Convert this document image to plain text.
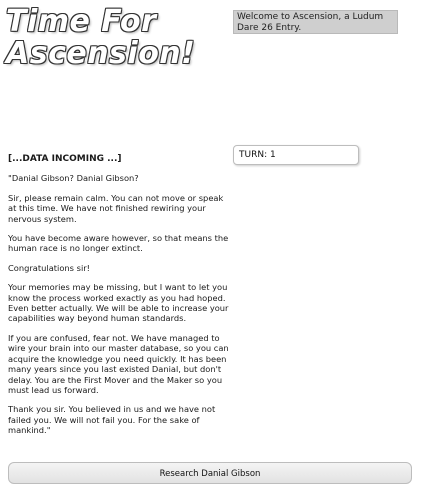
Time For
Ascension!
Welcome to Ascension, a Ludum Dare 26 Entry.
TURN: 1
[...DATA INCOMING ...]

"Danial Gibson? Danial Gibson?

Sir, please remain calm. You can not move or speak at this time. We have not finished rewiring your nervous system.

You have become aware however, so that means the human race is no longer extinct.

Congratulations sir!

Your memories may be missing, but I want to let you know the process worked exactly as you had hoped. Even better actually. We will be able to increase your capabilities way beyond human standards.

If you are confused, fear not. We have managed to wire your brain into our master database, so you can acquire the knowledge you need quickly. It has been many years since you last existed Danial, but don't delay. You are the First Mover and the Maker so you must lead us forward.

Thank you sir. You believed in us and we have not failed you. We will not fail you. For the sake of mankind."

Research Danial Gibson
